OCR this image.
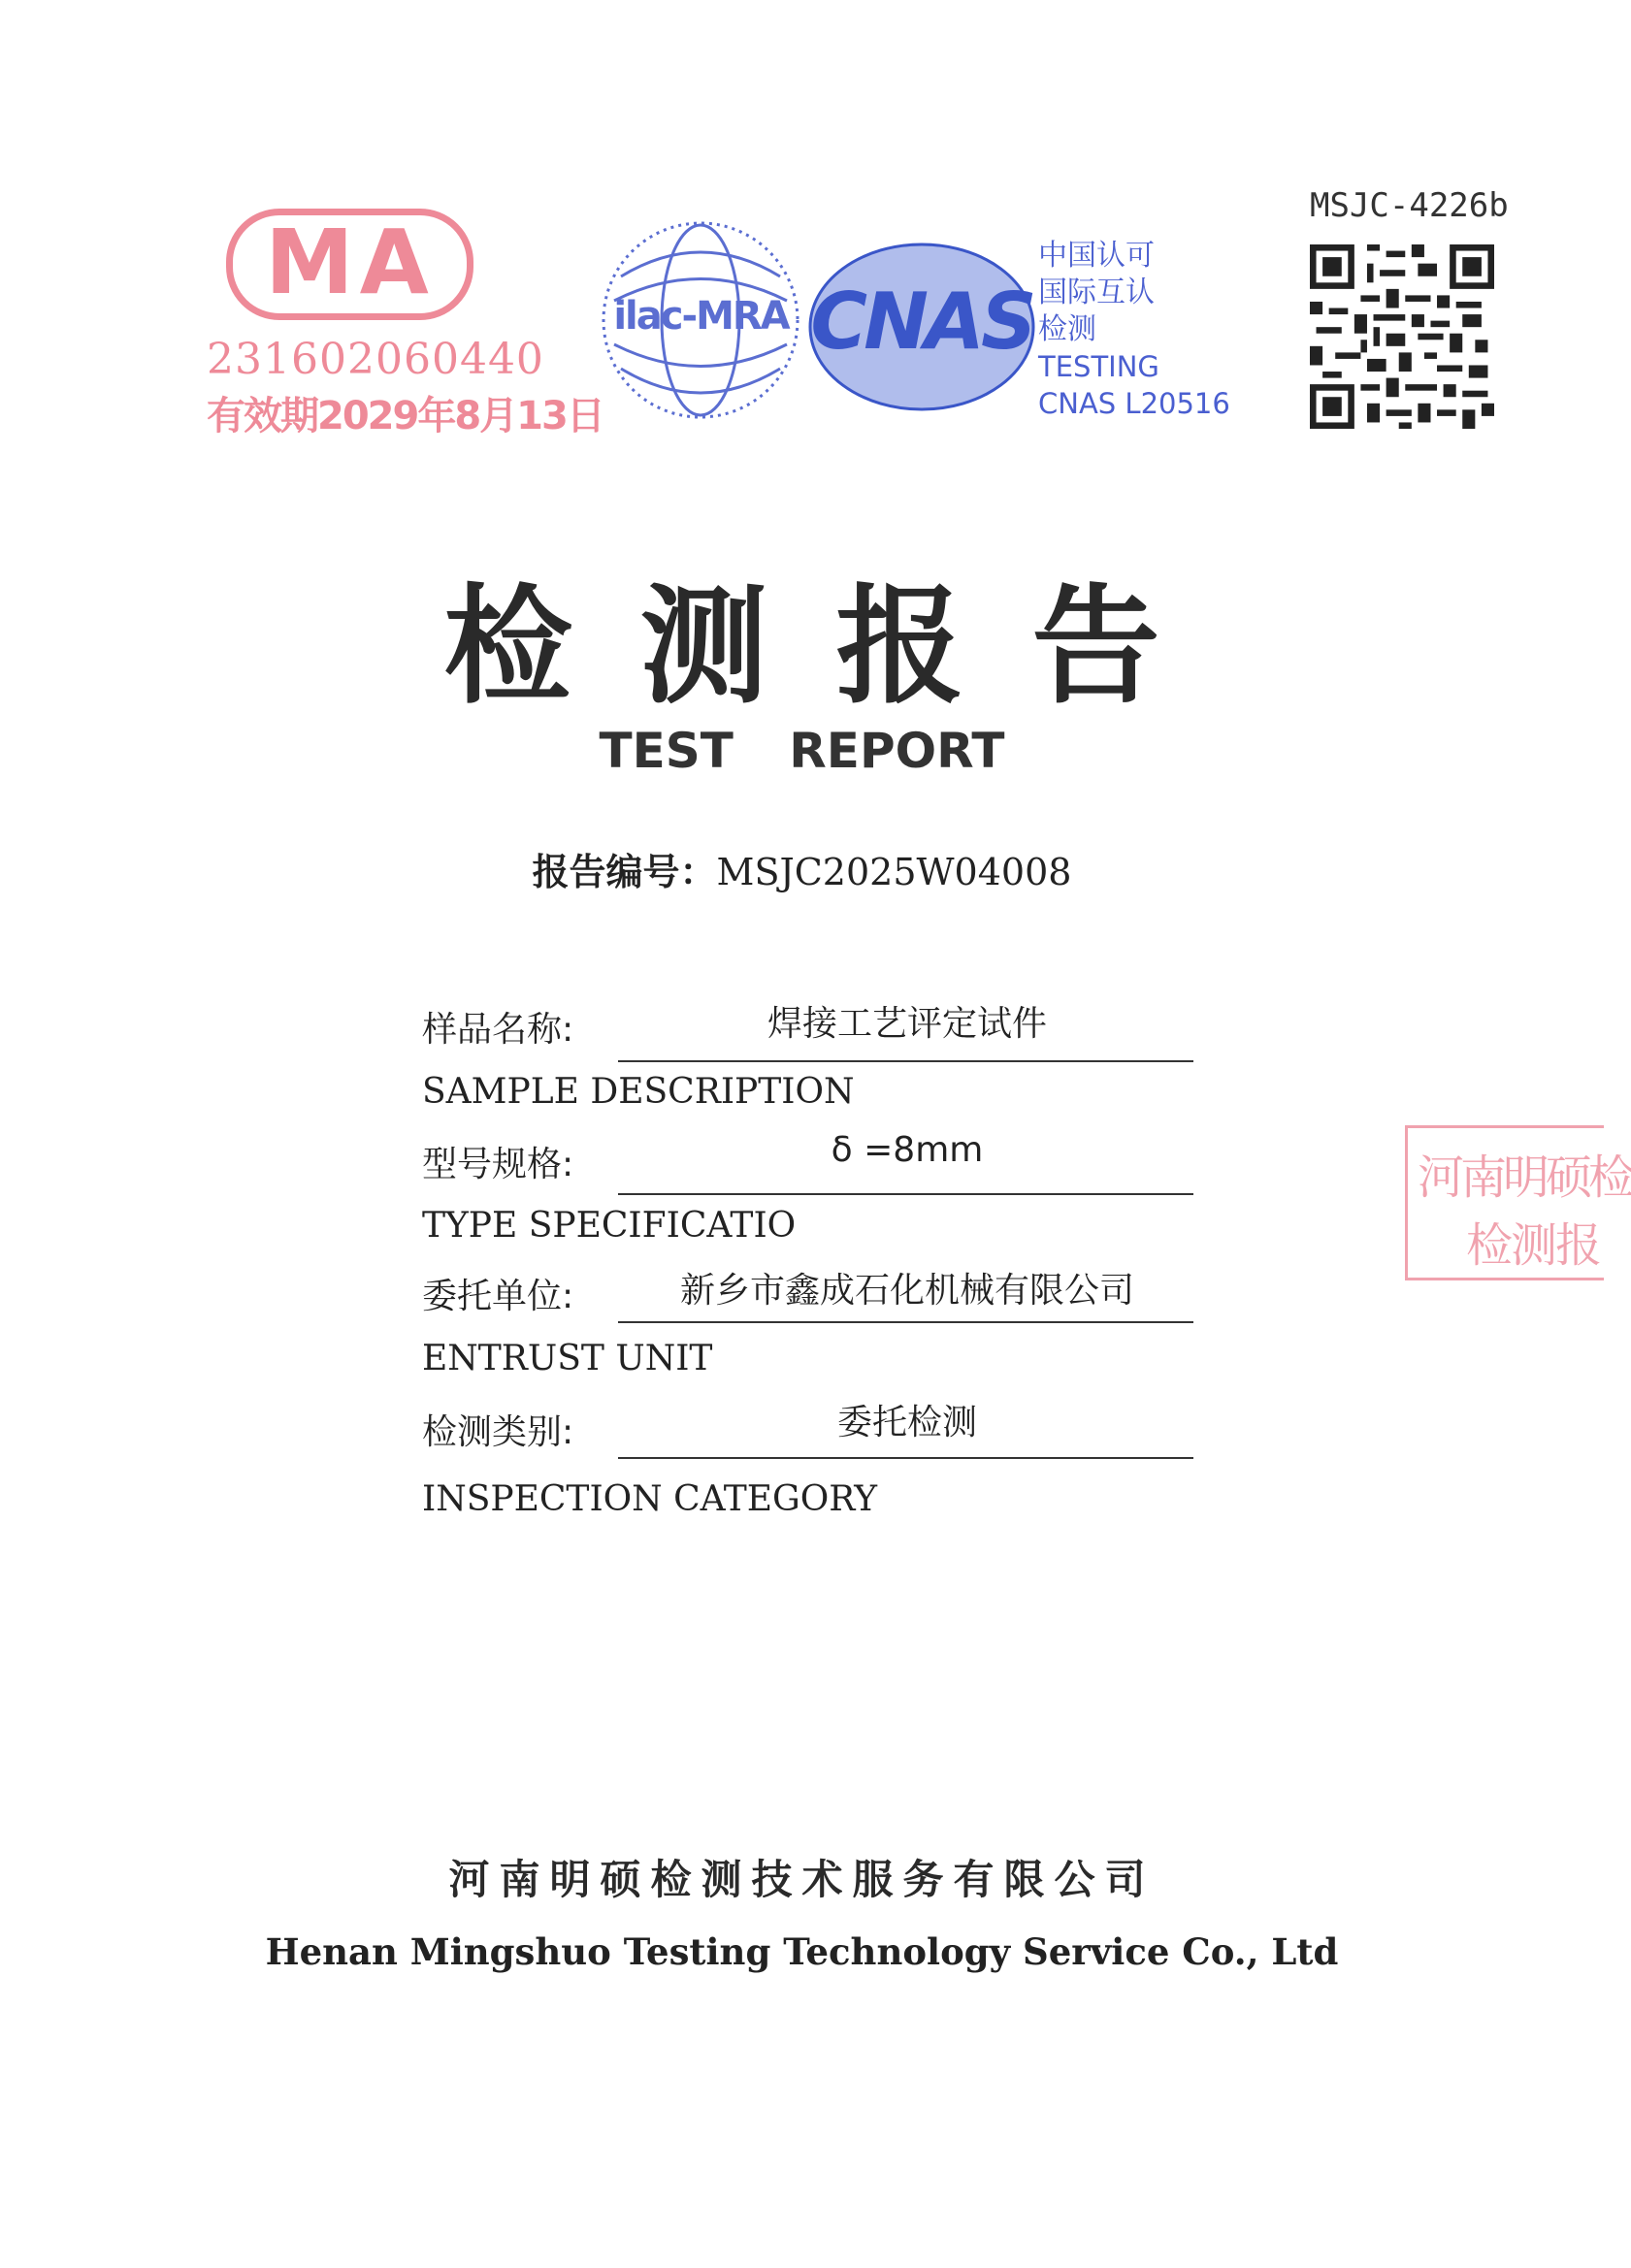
MA
231602060440
有效期2029年8月13日
ilac-MRA CNAS
中国认可
国际互认
检测
TESTING
CNAS L20516
MSJC-4226b
检测报告
TEST REPORT
报告编号：MSJC2025W04008
样品名称:	焊接工艺评定试件
SAMPLE DESCRIPTION
型号规格:	δ =8mm
TYPE SPECIFICATIO
委托单位:	新乡市鑫成石化机械有限公司
ENTRUST UNIT
检测类别:	委托检测
INSPECTION CATEGORY
河南明硕检
检测报
河南明硕检测技术服务有限公司
Henan Mingshuo Testing Technology Service Co., Ltd
